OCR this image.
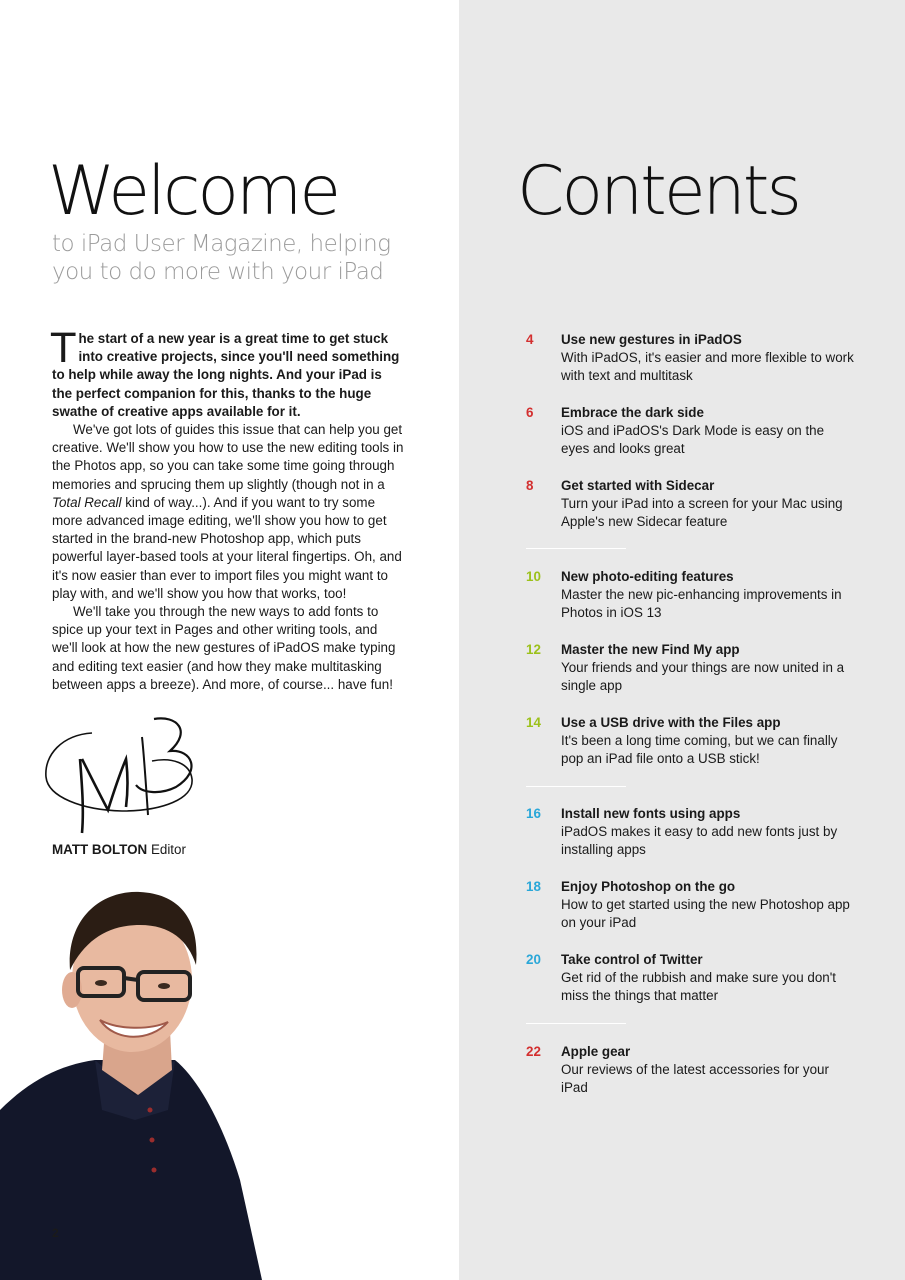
Welcome
to iPad User Magazine, helping you to do more with your iPad

The start of a new year is a great time to get stuck into creative projects, since you'll need something to help while away the long nights. And your iPad is the perfect companion for this, thanks to the huge swathe of creative apps available for it.

We've got lots of guides this issue that can help you get creative. We'll show you how to use the new editing tools in the Photos app, so you can take some time going through memories and sprucing them up slightly (though not in a Total Recall kind of way...). And if you want to try some more advanced image editing, we'll show you how to get started in the brand-new Photoshop app, which puts powerful layer-based tools at your literal fingertips. Oh, and it's now easier than ever to import files you might want to play with, and we'll show you how that works, too!

We'll take you through the new ways to add fonts to spice up your text in Pages and other writing tools, and we'll look at how the new gestures of iPadOS make typing and editing text easier (and how they make multitasking between apps a breeze). And more, of course... have fun!

MATT BOLTON Editor
2
Contents
4 Use new gestures in iPadOS
With iPadOS, it's easier and more flexible to work with text and multitask
6 Embrace the dark side
iOS and iPadOS's Dark Mode is easy on the eyes and looks great
8 Get started with Sidecar
Turn your iPad into a screen for your Mac using Apple's new Sidecar feature
10 New photo-editing features
Master the new pic-enhancing improvements in Photos in iOS 13
12 Master the new Find My app
Your friends and your things are now united in a single app
14 Use a USB drive with the Files app
It's been a long time coming, but we can finally pop an iPad file onto a USB stick!
16 Install new fonts using apps
iPadOS makes it easy to add new fonts just by installing apps
18 Enjoy Photoshop on the go
How to get started using the new Photoshop app on your iPad
20 Take control of Twitter
Get rid of the rubbish and make sure you don't miss the things that matter
22 Apple gear
Our reviews of the latest accessories for your iPad
